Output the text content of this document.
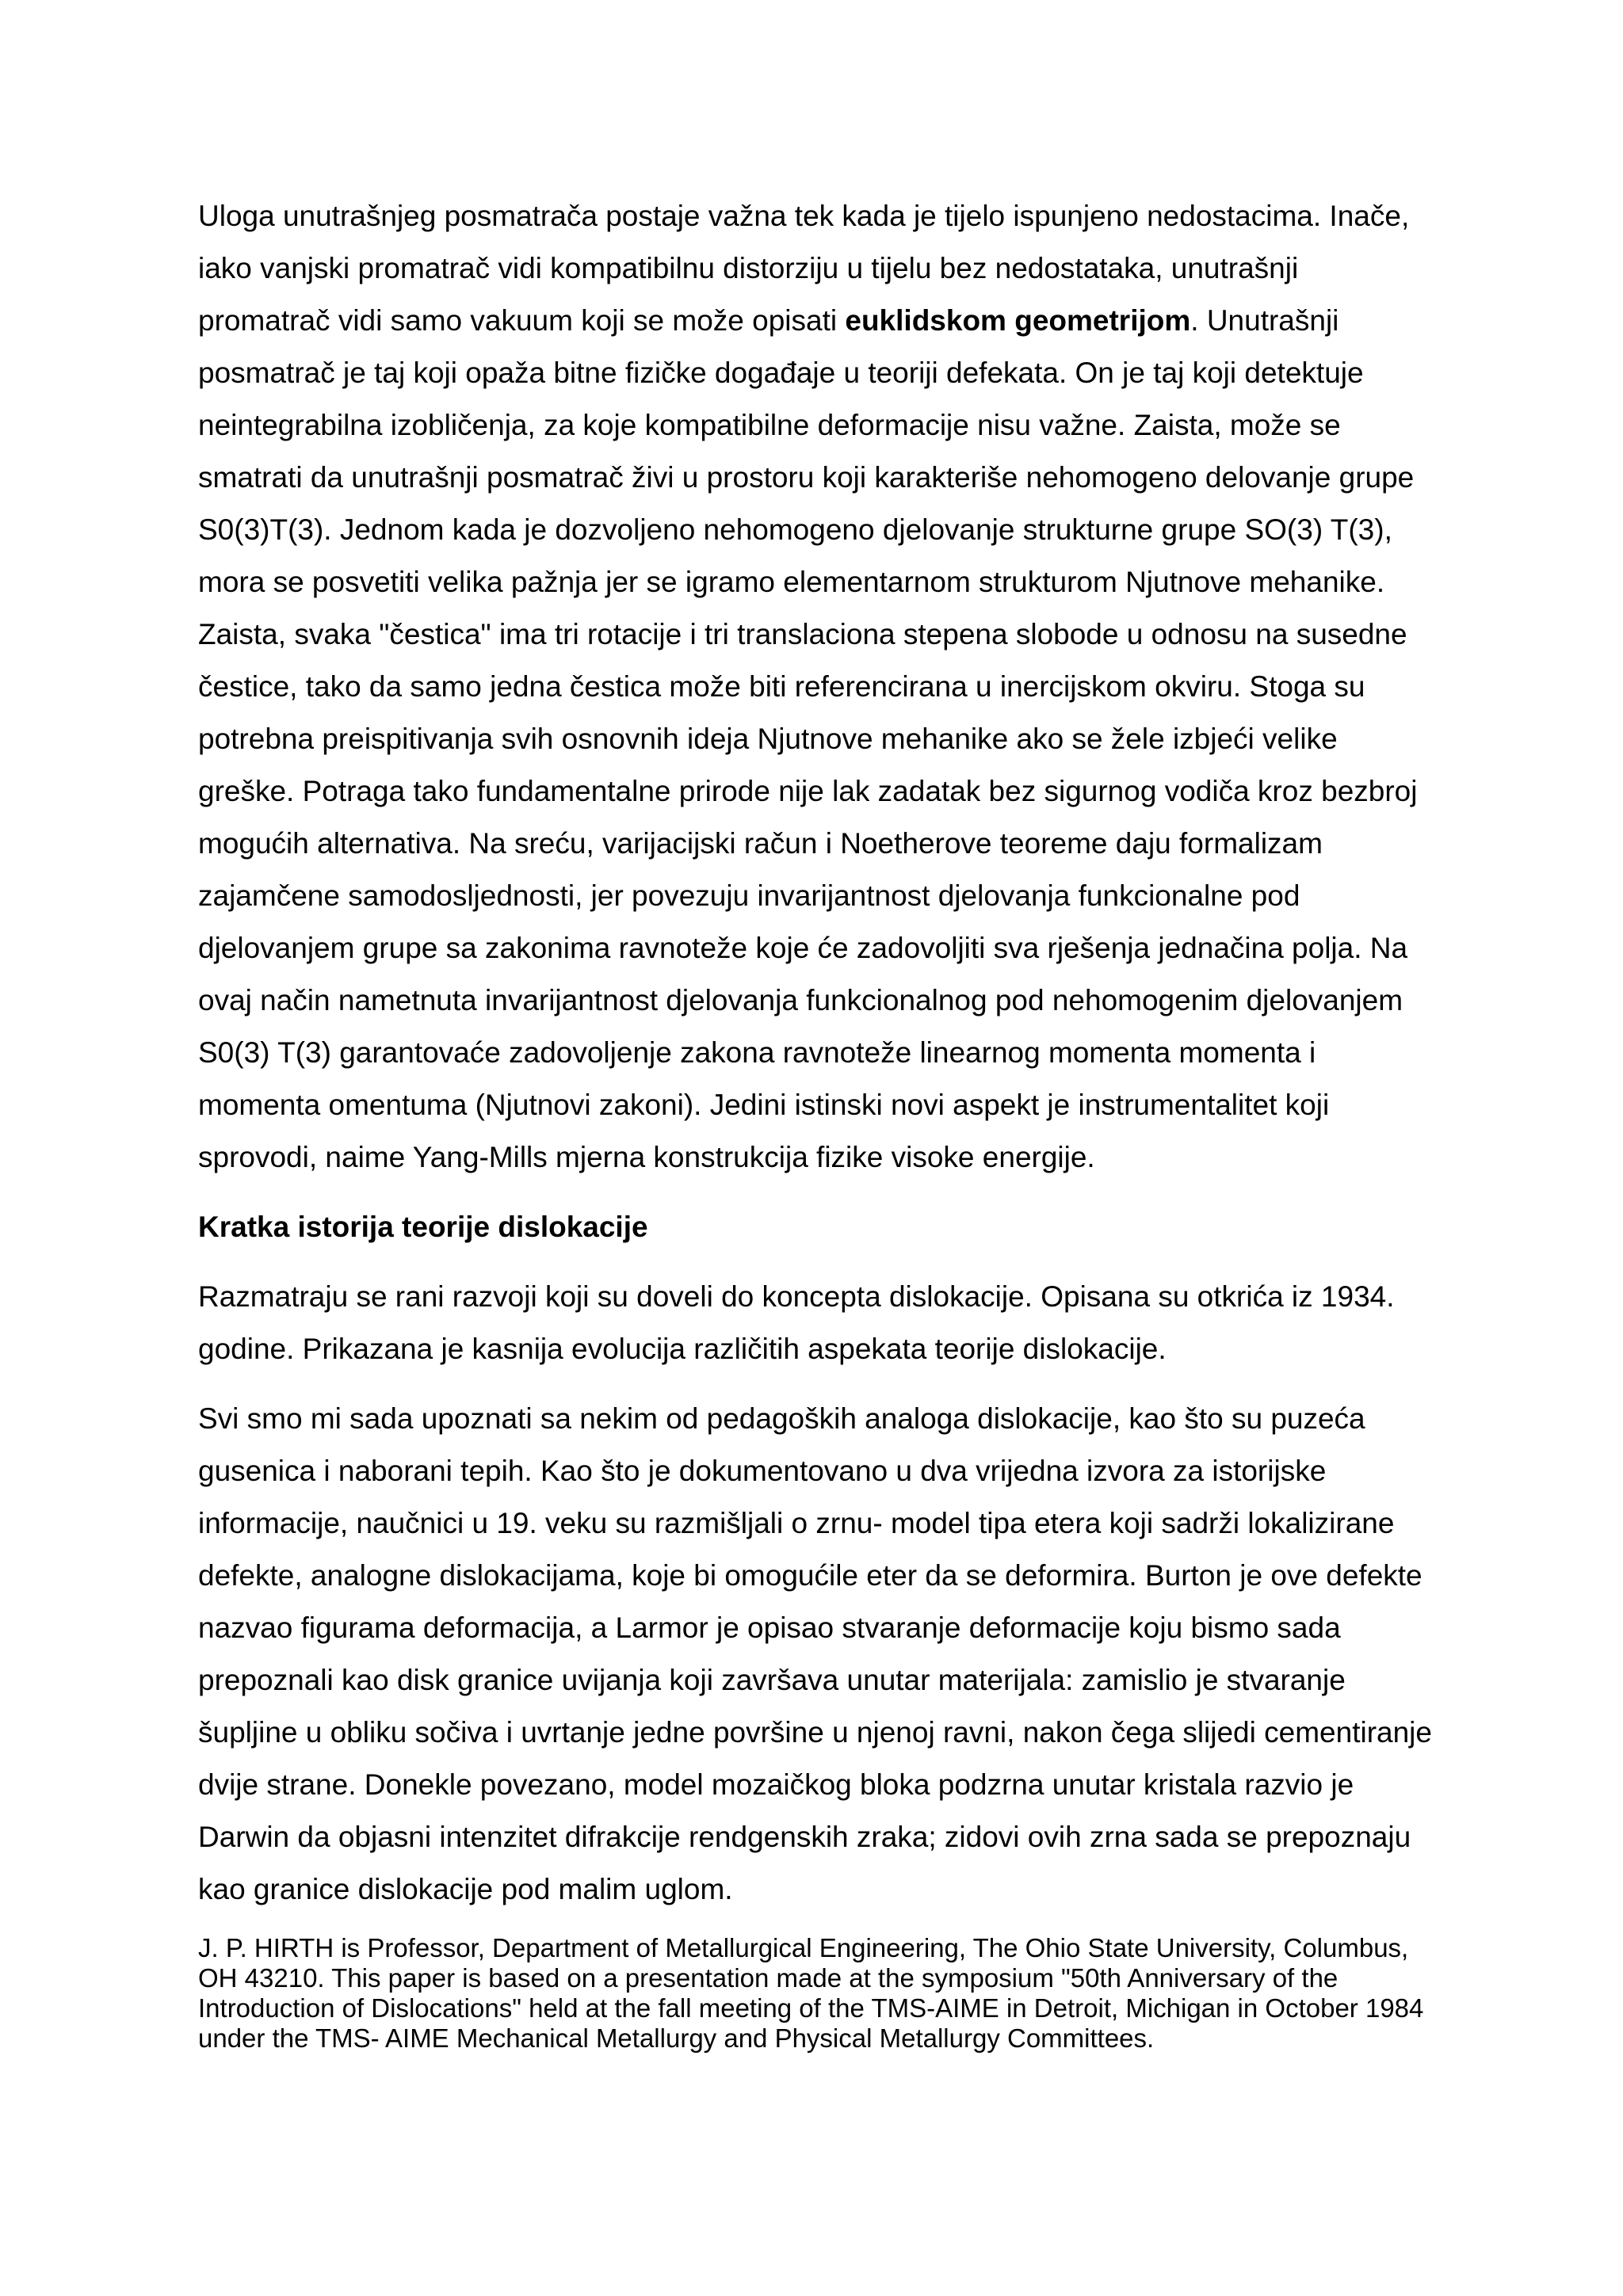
Uloga unutrašnjeg posmatrača postaje važna tek kada je tijelo ispunjeno nedostacima. Inače, iako vanjski promatrač vidi kompatibilnu distorziju u tijelu bez nedostataka, unutrašnji promatrač vidi samo vakuum koji se može opisati euklidskom geometrijom. Unutrašnji posmatrač je taj koji opaža bitne fizičke događaje u teoriji defekata. On je taj koji detektuje neintegrabilna izobličenja, za koje kompatibilne deformacije nisu važne. Zaista, može se smatrati da unutrašnji posmatrač živi u prostoru koji karakteriše nehomogeno delovanje grupe S0(3)T(3). Jednom kada je dozvoljeno nehomogeno djelovanje strukturne grupe SO(3) T(3), mora se posvetiti velika pažnja jer se igramo elementarnom strukturom Njutnove mehanike. Zaista, svaka "čestica" ima tri rotacije i tri translaciona stepena slobode u odnosu na susedne čestice, tako da samo jedna čestica može biti referencirana u inercijskom okviru. Stoga su potrebna preispitivanja svih osnovnih ideja Njutnove mehanike ako se žele izbjeći velike greške. Potraga tako fundamentalne prirode nije lak zadatak bez sigurnog vodiča kroz bezbroj mogućih alternativa. Na sreću, varijacijski račun i Noetherove teoreme daju formalizam zajamčene samodosljednosti, jer povezuju invarijantnost djelovanja funkcionalne pod djelovanjem grupe sa zakonima ravnoteže koje će zadovoljiti sva rješenja jednačina polja. Na ovaj način nametnuta invarijantnost djelovanja funkcionalnog pod nehomogenim djelovanjem S0(3) T(3) garantovaće zadovoljenje zakona ravnoteže linearnog momenta momenta i momenta omentuma (Njutnovi zakoni). Jedini istinski novi aspekt je instrumentalitet koji sprovodi, naime Yang-Mills mjerna konstrukcija fizike visoke energije.

Kratka istorija teorije dislokacije

Razmatraju se rani razvoji koji su doveli do koncepta dislokacije. Opisana su otkrića iz 1934. godine. Prikazana je kasnija evolucija različitih aspekata teorije dislokacije.

Svi smo mi sada upoznati sa nekim od pedagoških analoga dislokacije, kao što su puzeća gusenica i naborani tepih. Kao što je dokumentovano u dva vrijedna izvora za istorijske informacije, naučnici u 19. veku su razmišljali o zrnu- model tipa etera koji sadrži lokalizirane defekte, analogne dislokacijama, koje bi omogućile eter da se deformira. Burton je ove defekte nazvao figurama deformacija, a Larmor je opisao stvaranje deformacije koju bismo sada prepoznali kao disk granice uvijanja koji završava unutar materijala: zamislio je stvaranje šupljine u obliku sočiva i uvrtanje jedne površine u njenoj ravni, nakon čega slijedi cementiranje dvije strane. Donekle povezano, model mozaičkog bloka podzrna unutar kristala razvio je Darwin da objasni intenzitet difrakcije rendgenskih zraka; zidovi ovih zrna sada se prepoznaju kao granice dislokacije pod malim uglom.

J. P. HIRTH is Professor, Department of Metallurgical Engineering, The Ohio State University, Columbus, OH 43210. This paper is based on a presentation made at the symposium "50th Anniversary of the Introduction of Dislocations" held at the fall meeting of the TMS-AIME in Detroit, Michigan in October 1984 under the TMS- AIME Mechanical Metallurgy and Physical Metallurgy Committees.
